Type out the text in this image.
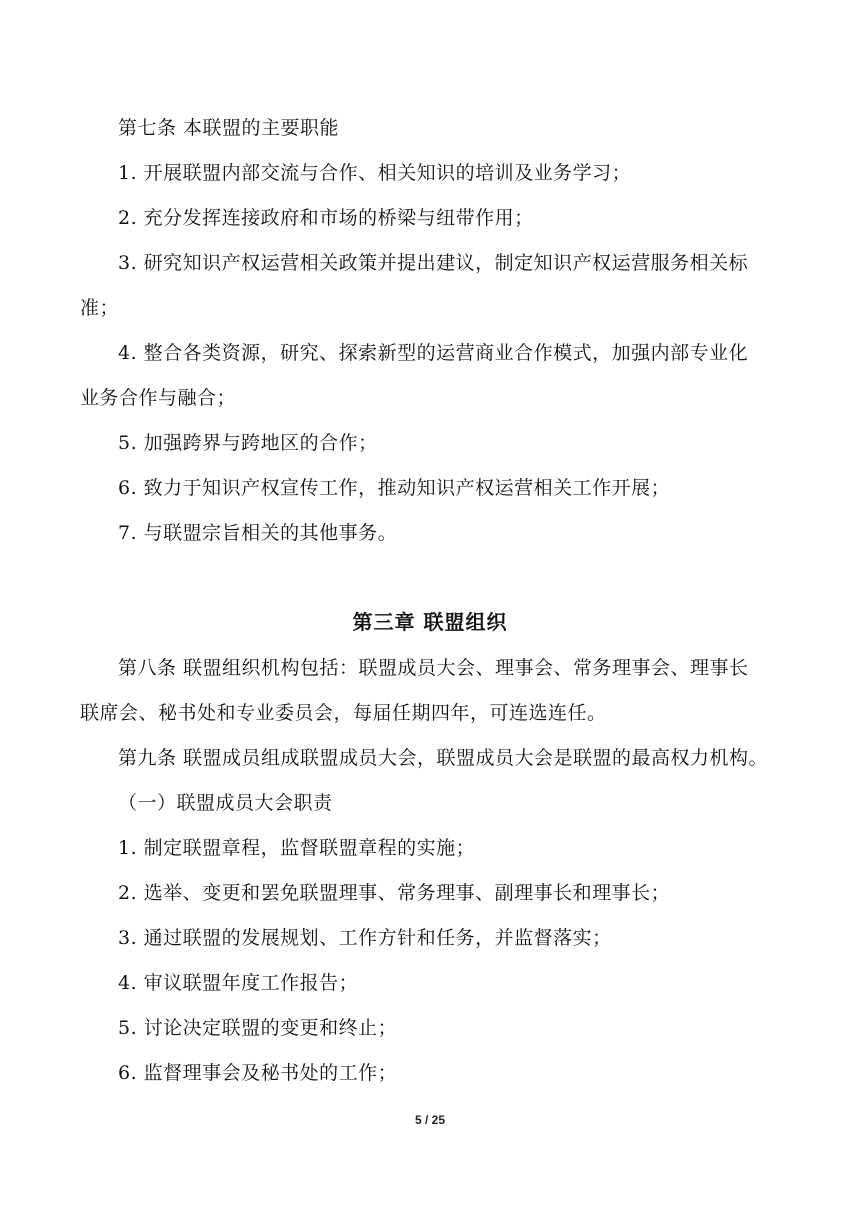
第七条 本联盟的主要职能
1. 开展联盟内部交流与合作、相关知识的培训及业务学习；
2. 充分发挥连接政府和市场的桥梁与纽带作用；
3. 研究知识产权运营相关政策并提出建议，制定知识产权运营服务相关标
准；
4. 整合各类资源，研究、探索新型的运营商业合作模式，加强内部专业化
业务合作与融合；
5. 加强跨界与跨地区的合作；
6. 致力于知识产权宣传工作，推动知识产权运营相关工作开展；
7. 与联盟宗旨相关的其他事务。
第三章 联盟组织
第八条 联盟组织机构包括：联盟成员大会、理事会、常务理事会、理事长
联席会、秘书处和专业委员会，每届任期四年，可连选连任。
第九条 联盟成员组成联盟成员大会，联盟成员大会是联盟的最高权力机构。
（一）联盟成员大会职责
1. 制定联盟章程，监督联盟章程的实施；
2. 选举、变更和罢免联盟理事、常务理事、副理事长和理事长；
3. 通过联盟的发展规划、工作方针和任务，并监督落实；
4. 审议联盟年度工作报告；
5. 讨论决定联盟的变更和终止；
6. 监督理事会及秘书处的工作；
5 / 25
